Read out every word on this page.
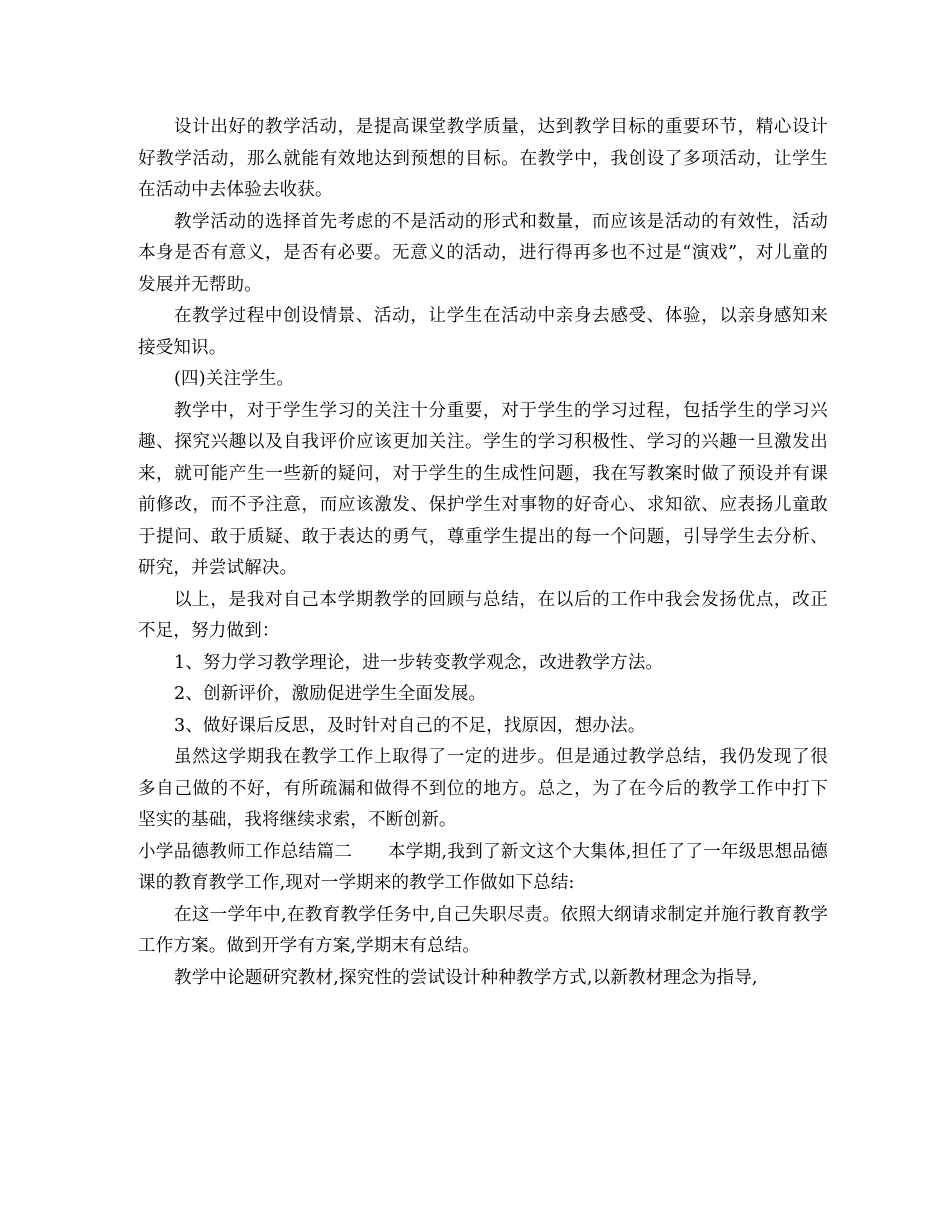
设计出好的教学活动，是提高课堂教学质量，达到教学目标的重要环节，精心设计好教学活动，那么就能有效地达到预想的目标。在教学中，我创设了多项活动，让学生在活动中去体验去收获。

教学活动的选择首先考虑的不是活动的形式和数量，而应该是活动的有效性，活动本身是否有意义，是否有必要。无意义的活动，进行得再多也不过是“演戏”，对儿童的发展并无帮助。

在教学过程中创设情景、活动，让学生在活动中亲身去感受、体验，以亲身感知来接受知识。

(四)关注学生。

教学中，对于学生学习的关注十分重要，对于学生的学习过程，包括学生的学习兴趣、探究兴趣以及自我评价应该更加关注。学生的学习积极性、学习的兴趣一旦激发出来，就可能产生一些新的疑问，对于学生的生成性问题，我在写教案时做了预设并有课前修改，而不予注意，而应该激发、保护学生对事物的好奇心、求知欲、应表扬儿童敢于提问、敢于质疑、敢于表达的勇气，尊重学生提出的每一个问题，引导学生去分析、研究，并尝试解决。

以上，是我对自己本学期教学的回顾与总结，在以后的工作中我会发扬优点，改正不足，努力做到：

1、努力学习教学理论，进一步转变教学观念，改进教学方法。

2、创新评价，激励促进学生全面发展。

3、做好课后反思，及时针对自己的不足，找原因，想办法。

虽然这学期我在教学工作上取得了一定的进步。但是通过教学总结，我仍发现了很多自己做的不好，有所疏漏和做得不到位的地方。总之，为了在今后的教学工作中打下坚实的基础，我将继续求索，不断创新。

小学品德教师工作总结篇二　　本学期,我到了新文这个大集体,担任了了一年级思想品德课的教育教学工作,现对一学期来的教学工作做如下总结:

在这一学年中,在教育教学任务中,自己失职尽责。依照大纲请求制定并施行教育教学工作方案。做到开学有方案,学期末有总结。

教学中论题研究教材,探究性的尝试设计种种教学方式,以新教材理念为指导,
